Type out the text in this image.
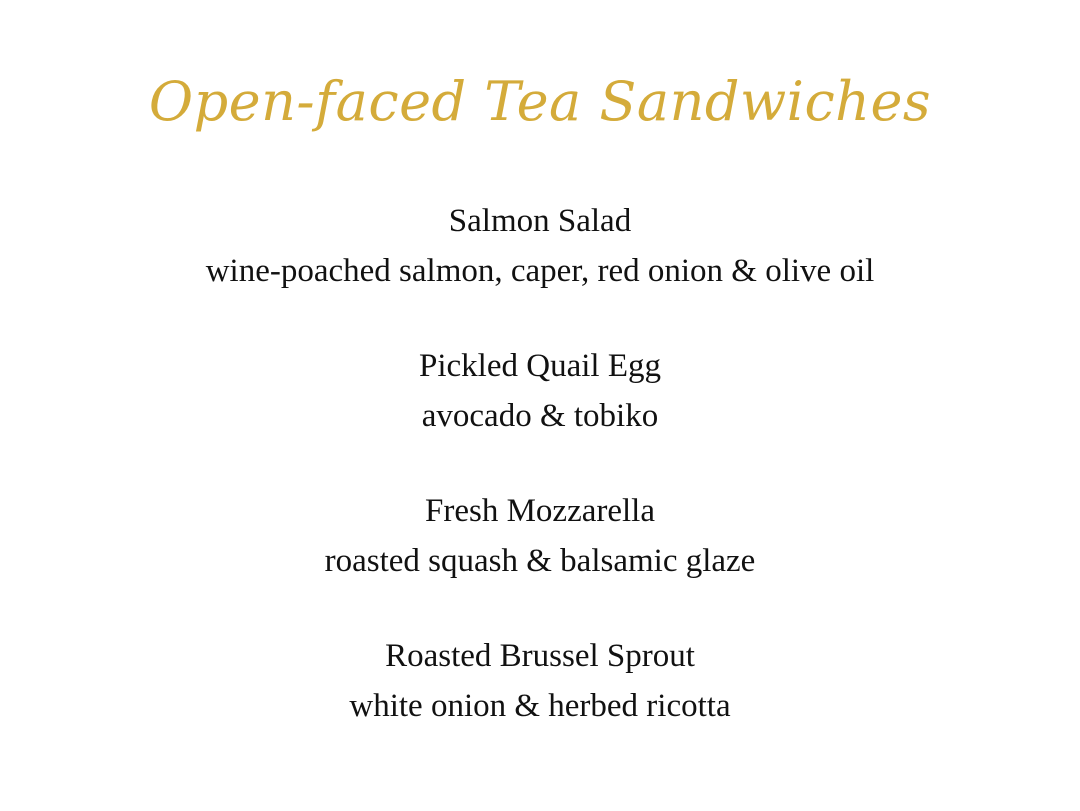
Open-faced Tea Sandwiches
Salmon Salad
wine-poached salmon, caper, red onion & olive oil
Pickled Quail Egg
avocado & tobiko
Fresh Mozzarella
roasted squash & balsamic glaze
Roasted Brussel Sprout
white onion & herbed ricotta
